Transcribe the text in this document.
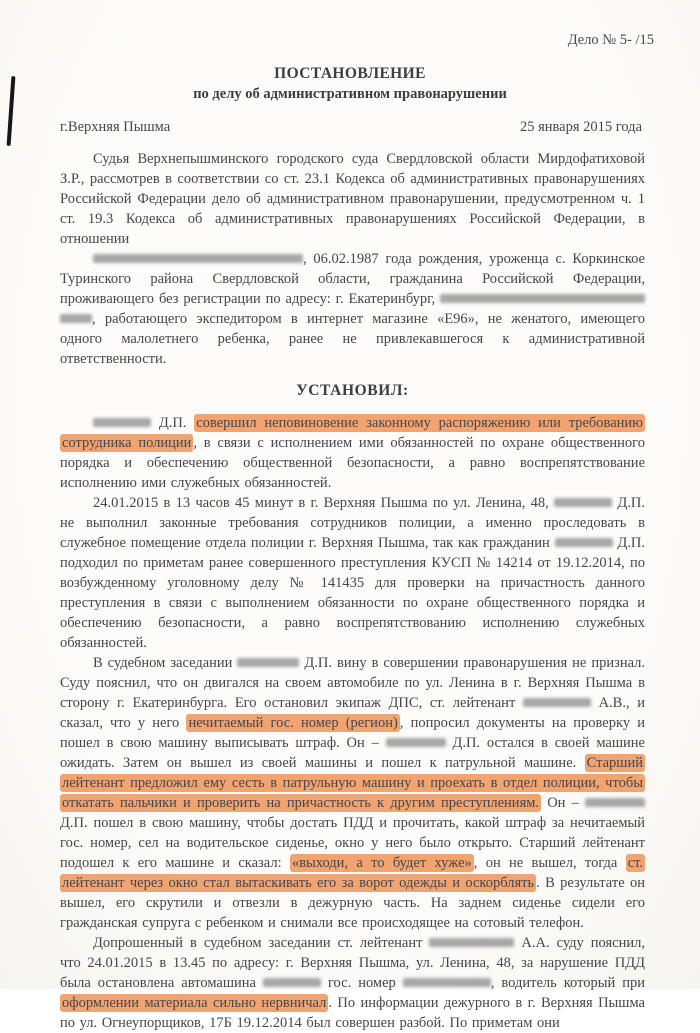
Дело № 5- /15
ПОСТАНОВЛЕНИЕ
по делу об административном правонарушении
г.Верхняя Пышма	25 января 2015 года

Судья Верхнепышминского городского суда Свердловской области Мирдофатиховой З.Р., рассмотрев в соответствии со ст. 23.1 Кодекса об административных правонарушениях Российской Федерации дело об административном правонарушении, предусмотренном ч. 1 ст. 19.3 Кодекса об административных правонарушениях Российской Федерации, в отношении

, 06.02.1987 года рождения, уроженца с. Коркинское Туринского района Свердловской области, гражданина Российской Федерации, проживающего без регистрации по адресу: г. Екатеринбург,  , работающего экспедитором в интернет магазине «Е96», не женатого, имеющего одного малолетнего ребенка, ранее не привлекавшегося к административной ответственности.

УСТАНОВИЛ:

Д.П. совершил неповиновение законному распоряжению или требованию сотрудника полиции , в связи с исполнением ими обязанностей по охране общественного порядка и обеспечению общественной безопасности, а равно воспрепятствование исполнению ими служебных обязанностей.

24.01.2015 в 13 часов 45 минут в г. Верхняя Пышма по ул. Ленина, 48,	Д.П. не выполнил законные требования сотрудников полиции, а именно проследовать в служебное помещение отдела полиции г. Верхняя Пышма, так как гражданин	Д.П. подходил по приметам ранее совершенного преступления КУСП № 14214 от 19.12.2014, по возбужденному уголовному делу № 141435 для проверки на причастность данного преступления в связи с выполнением обязанности по охране общественного порядка и обеспечению безопасности, а равно воспрепятствованию исполнению служебных обязанностей.

В судебном заседании	Д.П. вину в совершении правонарушения не признал. Суду пояснил, что он двигался на своем автомобиле по ул. Ленина в г. Верхняя Пышма в сторону г. Екатеринбурга. Его остановил экипаж ДПС, ст. лейтенант	А.В., и сказал, что у него нечитаемый гос. номер (регион) , попросил документы на проверку и пошел в свою машину выписывать штраф. Он –	Д.П. остался в своей машине ожидать. Затем он вышел из своей машины и пошел к патрульной машине. Старший лейтенант предложил ему сесть в патрульную машину и проехать в отдел полиции, чтобы откатать пальчики и проверить на причастность к другим преступлениям. Он –  Д.П. пошел в свою машину, чтобы достать ПДД и прочитать, какой штраф за нечитаемый гос. номер, сел на водительское сиденье, окно у него было открыто. Старший лейтенант подошел к его машине и сказал: «выходи, а то будет хуже» , он не вышел, тогда ст. лейтенант через окно стал вытаскивать его за ворот одежды и оскорблять . В результате он вышел, его скрутили и отвезли в дежурную часть. На заднем сиденье сидели его гражданская супруга с ребенком и снимали все происходящее на сотовый телефон.

Допрошенный в судебном заседании ст. лейтенант	А.А. суду пояснил, что 24.01.2015 в 13.45 по адресу: г. Верхняя Пышма, ул. Ленина, 48, за нарушение ПДД была остановлена автомашина	гос. номер	, водитель который при оформлении материала сильно нервничал . По информации дежурного в г. Верхняя Пышма по ул. Огнеупорщиков, 17Б 19.12.2014 был совершен разбой. По приметам они
